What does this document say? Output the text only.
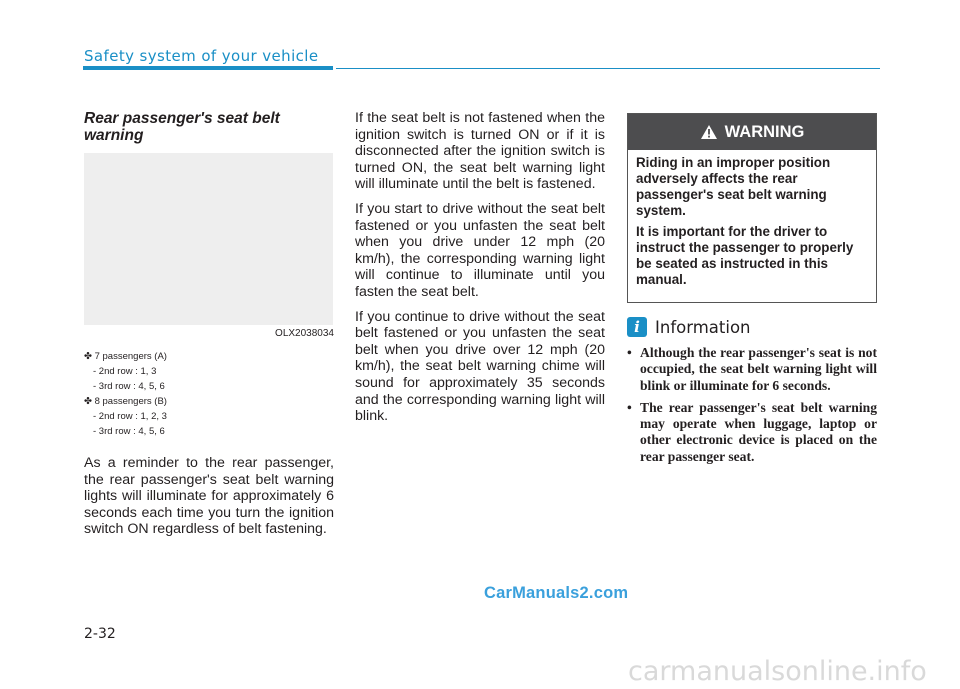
Safety system of your vehicle
Rear passenger's seat belt warning
OLX2038034
✤ 7 passengers (A)
- 2nd row : 1, 3
- 3rd row : 4, 5, 6
✤ 8 passengers (B)
- 2nd row : 1, 2, 3
- 3rd row : 4, 5, 6

As a reminder to the rear passenger, the rear passenger's seat belt warning lights will illuminate for approximately 6 seconds each time you turn the ignition switch ON regardless of belt fastening.

If the seat belt is not fastened when the ignition switch is turned ON or if it is disconnected after the ignition switch is turned ON, the seat belt warning light will illuminate until the belt is fastened.

If you start to drive without the seat belt fastened or you unfasten the seat belt when you drive under 12 mph (20 km/h), the corresponding warning light will continue to illuminate until you fasten the seat belt.

If you continue to drive without the seat belt fastened or you unfasten the seat belt when you drive over 12 mph (20 km/h), the seat belt warning chime will sound for approximately 35 seconds and the corresponding warning light will blink.

WARNING

Riding in an improper position adversely affects the rear passenger's seat belt warning system.

It is important for the driver to instruct the passenger to properly be seated as instructed in this manual.

i Information
• Although the rear passenger's seat is not occupied, the seat belt warning light will blink or illuminate for 6 seconds.
• The rear passenger's seat belt warning may operate when luggage, laptop or other electronic device is placed on the rear passenger seat.
CarManuals2.com
2-32
carmanualsonline.info
